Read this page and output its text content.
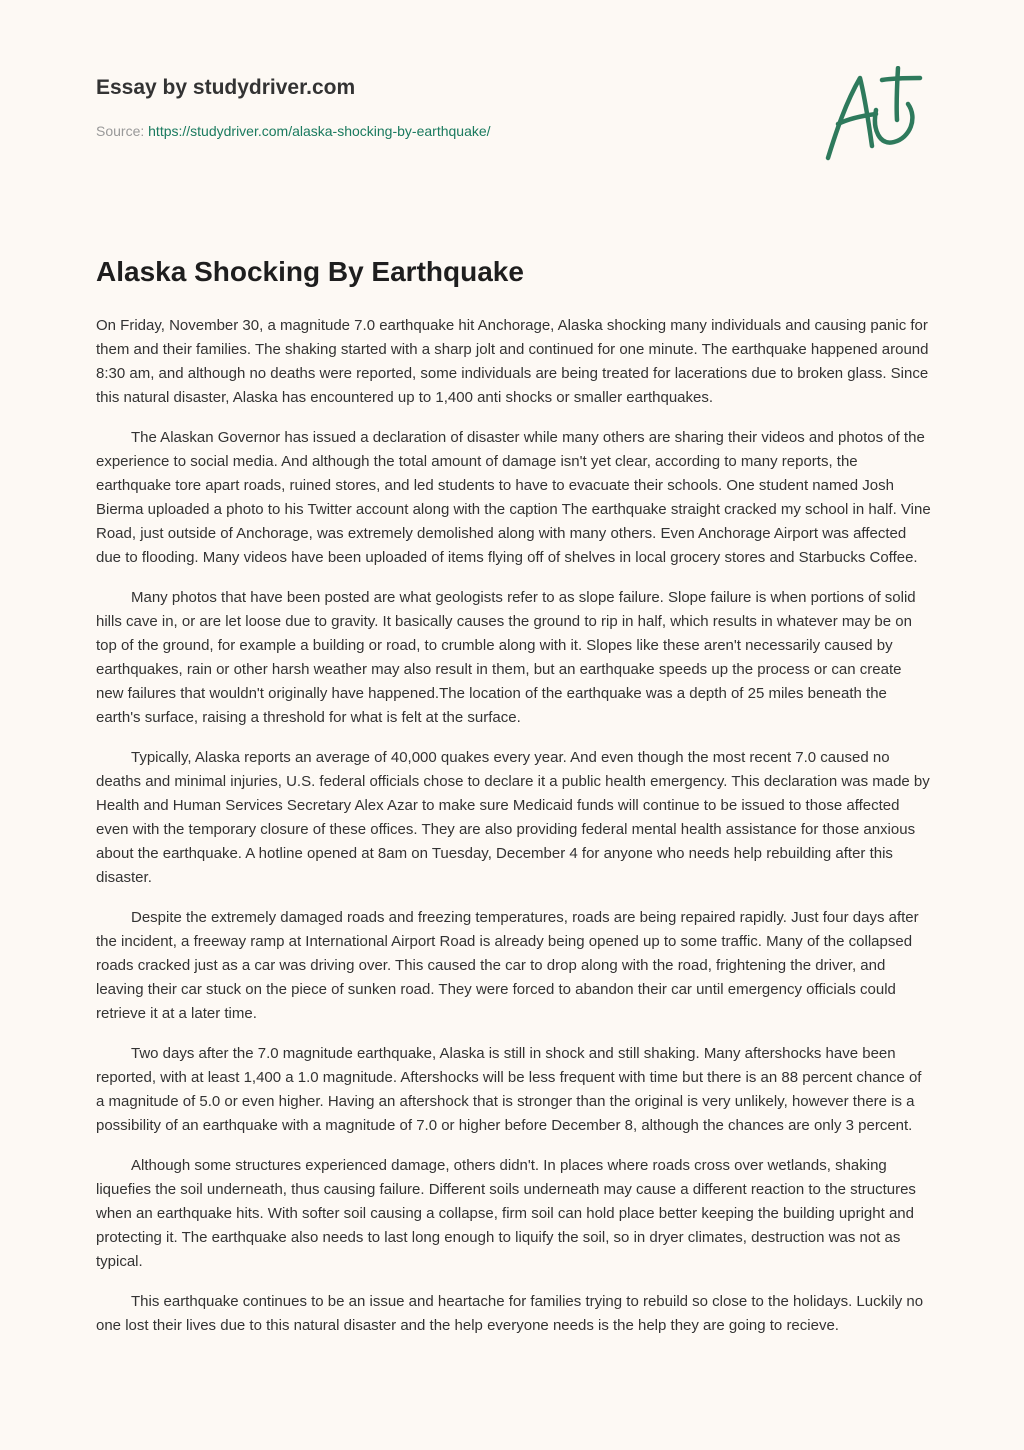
Essay by studydriver.com
Source: https://studydriver.com/alaska-shocking-by-earthquake/
Alaska Shocking By Earthquake

On Friday, November 30, a magnitude 7.0 earthquake hit Anchorage, Alaska shocking many individuals and causing panic for them and their families. The shaking started with a sharp jolt and continued for one minute. The earthquake happened around 8:30 am, and although no deaths were reported, some individuals are being treated for lacerations due to broken glass. Since this natural disaster, Alaska has encountered up to 1,400 anti shocks or smaller earthquakes.

The Alaskan Governor has issued a declaration of disaster while many others are sharing their videos and photos of the experience to social media. And although the total amount of damage isn't yet clear, according to many reports, the earthquake tore apart roads, ruined stores, and led students to have to evacuate their schools. One student named Josh Bierma uploaded a photo to his Twitter account along with the caption The earthquake straight cracked my school in half. Vine Road, just outside of Anchorage, was extremely demolished along with many others. Even Anchorage Airport was affected due to flooding. Many videos have been uploaded of items flying off of shelves in local grocery stores and Starbucks Coffee.

Many photos that have been posted are what geologists refer to as slope failure. Slope failure is when portions of solid hills cave in, or are let loose due to gravity. It basically causes the ground to rip in half, which results in whatever may be on top of the ground, for example a building or road, to crumble along with it. Slopes like these aren't necessarily caused by earthquakes, rain or other harsh weather may also result in them, but an earthquake speeds up the process or can create new failures that wouldn't originally have happened.The location of the earthquake was a depth of 25 miles beneath the earth's surface, raising a threshold for what is felt at the surface.

Typically, Alaska reports an average of 40,000 quakes every year. And even though the most recent 7.0 caused no deaths and minimal injuries, U.S. federal officials chose to declare it a public health emergency. This declaration was made by Health and Human Services Secretary Alex Azar to make sure Medicaid funds will continue to be issued to those affected even with the temporary closure of these offices. They are also providing federal mental health assistance for those anxious about the earthquake. A hotline opened at 8am on Tuesday, December 4 for anyone who needs help rebuilding after this disaster.

Despite the extremely damaged roads and freezing temperatures, roads are being repaired rapidly. Just four days after the incident, a freeway ramp at International Airport Road is already being opened up to some traffic. Many of the collapsed roads cracked just as a car was driving over. This caused the car to drop along with the road, frightening the driver, and leaving their car stuck on the piece of sunken road. They were forced to abandon their car until emergency officials could retrieve it at a later time.

Two days after the 7.0 magnitude earthquake, Alaska is still in shock and still shaking. Many aftershocks have been reported, with at least 1,400 a 1.0 magnitude. Aftershocks will be less frequent with time but there is an 88 percent chance of a magnitude of 5.0 or even higher. Having an aftershock that is stronger than the original is very unlikely, however there is a possibility of an earthquake with a magnitude of 7.0 or higher before December 8, although the chances are only 3 percent.

Although some structures experienced damage, others didn't. In places where roads cross over wetlands, shaking liquefies the soil underneath, thus causing failure. Different soils underneath may cause a different reaction to the structures when an earthquake hits. With softer soil causing a collapse, firm soil can hold place better keeping the building upright and protecting it. The earthquake also needs to last long enough to liquify the soil, so in dryer climates, destruction was not as typical.

This earthquake continues to be an issue and heartache for families trying to rebuild so close to the holidays. Luckily no one lost their lives due to this natural disaster and the help everyone needs is the help they are going to recieve.
